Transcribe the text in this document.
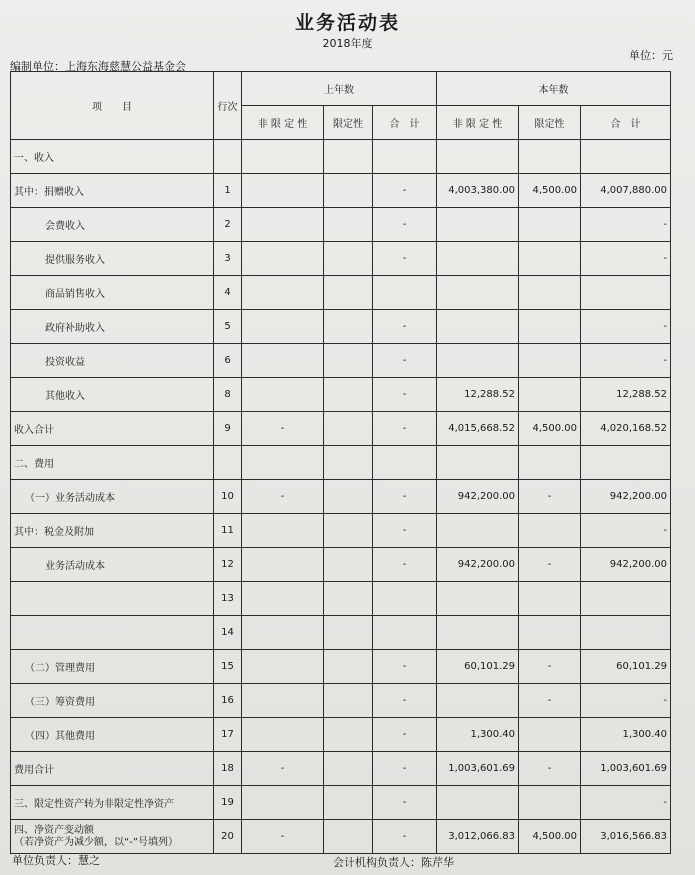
业务活动表
2018年度
单位：元
编制单位：上海东海慈慧公益基金会
项　　目	行次	上年数			本年数		
		非 限 定 性	限定性	合　计	非 限 定 性	限定性	合　计
一、收入							
其中：捐赠收入	1			-	4,003,380.00	4,500.00	4,007,880.00
会费收入	2			-			-
提供服务收入	3			-			-
商品销售收入	4						
政府补助收入	5			-			-
投资收益	6			-			-
其他收入	8			-	12,288.52		12,288.52
收入合计	9	-		-	4,015,668.52	4,500.00	4,020,168.52
二、费用							
（一）业务活动成本	10	-		-	942,200.00	-	942,200.00
其中：税金及附加	11			-			-
业务活动成本	12			-	942,200.00	-	942,200.00
	13						
	14						
（二）管理费用	15			-	60,101.29	-	60,101.29
（三）筹资费用	16			-		-	-
（四）其他费用	17			-	1,300.40		1,300.40
费用合计	18	-		-	1,003,601.69	-	1,003,601.69
三、限定性资产转为非限定性净资产	19			-			-
四、净资产变动额
（若净资产为减少额，以“-”号填列）	20	-		-	3,012,066.83	4,500.00	3,016,566.83
单位负责人：慧之	会计机构负责人：陈芹华
